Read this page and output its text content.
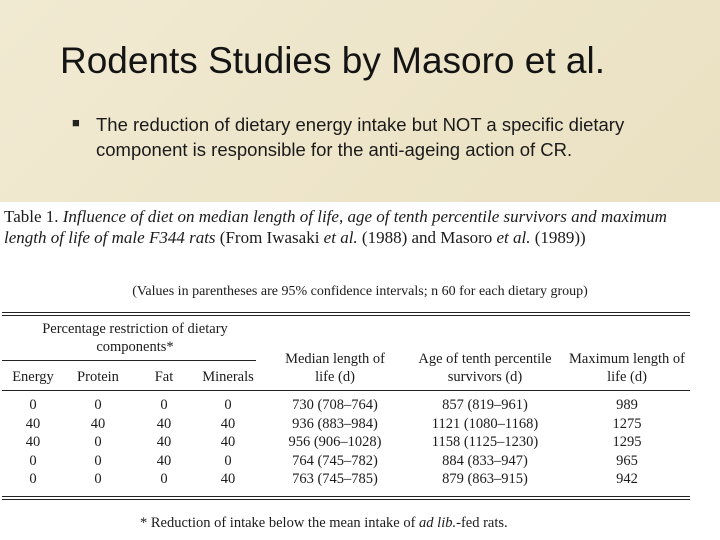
Rodents Studies by Masoro et al.
■ The reduction of dietary energy intake but NOT a specific dietary component is responsible for the anti-ageing action of CR.
Table 1. Influence of diet on median length of life, age of tenth percentile survivors and maximum length of life of male F344 rats (From Iwasaki et al. (1988) and Masoro et al. (1989))
(Values in parentheses are 95% confidence intervals; n 60 for each dietary group)
Percentage restriction of dietary components*
Energy	Protein	Fat	Minerals
Median length of life (d)
Age of tenth percentile survivors (d)
Maximum length of life (d)
0	0	0	0	730 (708–764)	857 (819–961)	989
40	40	40	40	936 (883–984)	1121 (1080–1168)	1275
40	0	40	40	956 (906–1028)	1158 (1125–1230)	1295
0	0	40	0	764 (745–782)	884 (833–947)	965
0	0	0	40	763 (745–785)	879 (863–915)	942
* Reduction of intake below the mean intake of ad lib.-fed rats.
